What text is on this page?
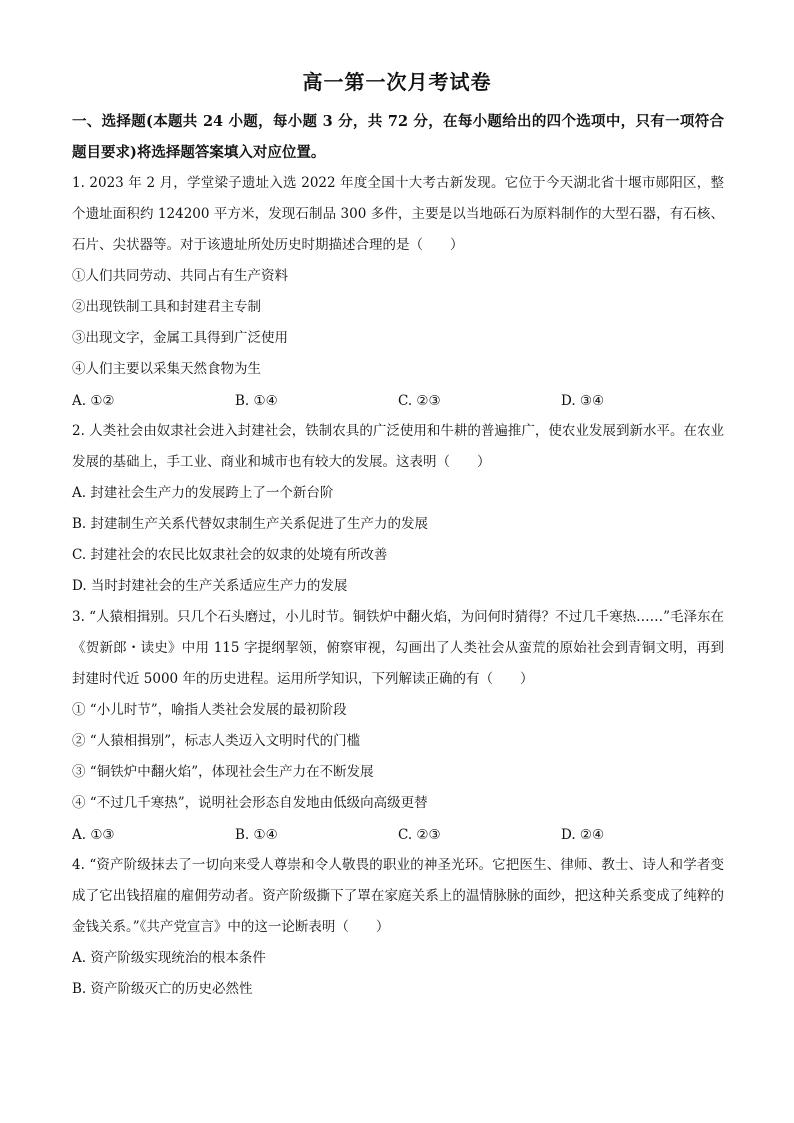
高一第一次月考试卷

一、选择题(本题共 24 小题，每小题 3 分，共 72 分，在每小题给出的四个选项中，只有一项符合题目要求)将选择题答案填入对应位置。

1. 2023 年 2 月，学堂梁子遗址入选 2022 年度全国十大考古新发现。它位于今天湖北省十堰市郧阳区，整个遗址面积约 124200 平方米，发现石制品 300 多件，主要是以当地砾石为原料制作的大型石器，有石核、石片、尖状器等。对于该遗址所处历史时期描述合理的是（　　）

①人们共同劳动、共同占有生产资料

②出现铁制工具和封建君主专制

③出现文字，金属工具得到广泛使用

④人们主要以采集天然食物为生

A. ①②	B. ①④	C. ②③	D. ③④

2. 人类社会由奴隶社会进入封建社会，铁制农具的广泛使用和牛耕的普遍推广，使农业发展到新水平。在农业发展的基础上，手工业、商业和城市也有较大的发展。这表明（　　）

A. 封建社会生产力的发展跨上了一个新台阶

B. 封建制生产关系代替奴隶制生产关系促进了生产力的发展

C. 封建社会的农民比奴隶社会的奴隶的处境有所改善

D. 当时封建社会的生产关系适应生产力的发展

3. “人猿相揖别。只几个石头磨过，小儿时节。铜铁炉中翻火焰，为问何时猜得？不过几千寒热……”毛泽东在《贺新郎・读史》中用 115 字提纲挈领，俯察审视，勾画出了人类社会从蛮荒的原始社会到青铜文明，再到封建时代近 5000 年的历史进程。运用所学知识，下列解读正确的有（　　）

① “小儿时节”，喻指人类社会发展的最初阶段

② “人猿相揖别”，标志人类迈入文明时代的门槛

③ “铜铁炉中翻火焰”，体现社会生产力在不断发展

④ “不过几千寒热”，说明社会形态自发地由低级向高级更替

A. ①③	B. ①④	C. ②③	D. ②④

4. “资产阶级抹去了一切向来受人尊崇和令人敬畏的职业的神圣光环。它把医生、律师、教士、诗人和学者变成了它出钱招雇的雇佣劳动者。资产阶级撕下了罩在家庭关系上的温情脉脉的面纱，把这种关系变成了纯粹的金钱关系。”《共产党宣言》中的这一论断表明（　　）

A. 资产阶级实现统治的根本条件

B. 资产阶级灭亡的历史必然性
